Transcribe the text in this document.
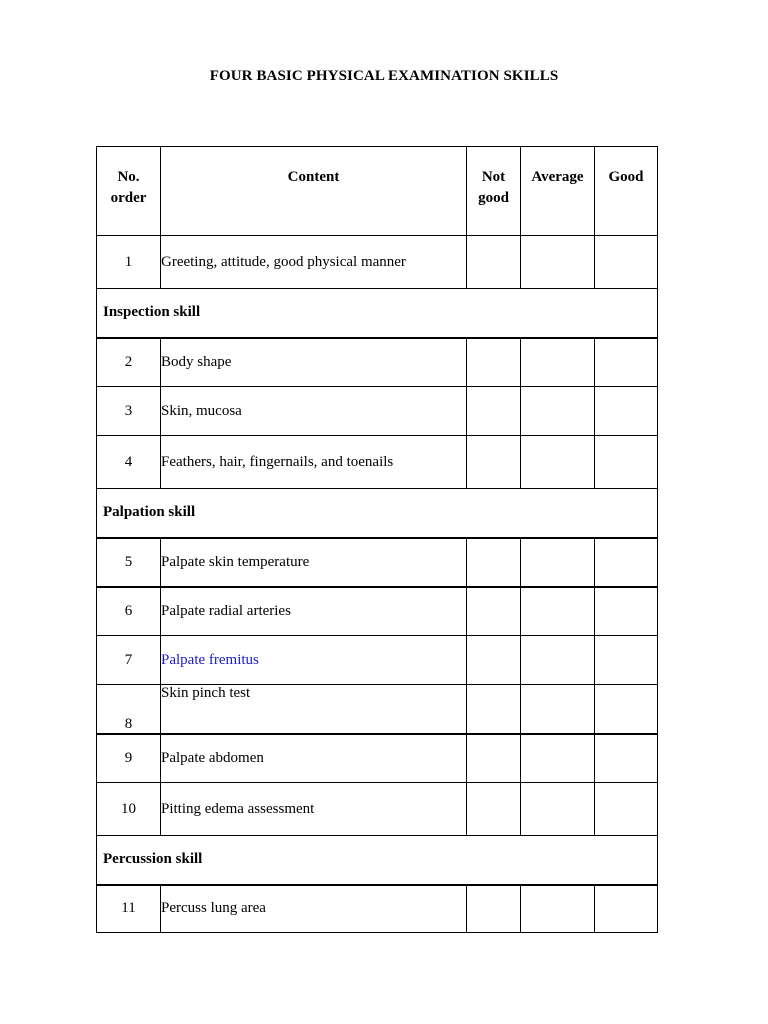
FOUR BASIC PHYSICAL EXAMINATION SKILLS
No. order	Content	Not good	Average	Good
1	Greeting, attitude, good physical manner			
Inspection skill				
2	Body shape			
3	Skin, mucosa			
4	Feathers, hair, fingernails, and toenails			
Palpation skill				
5	Palpate skin temperature			
6	Palpate radial arteries			
7	Palpate fremitus			
8	Skin pinch test			
9	Palpate abdomen			
10	Pitting edema assessment			
Percussion skill				
11	Percuss lung area			
